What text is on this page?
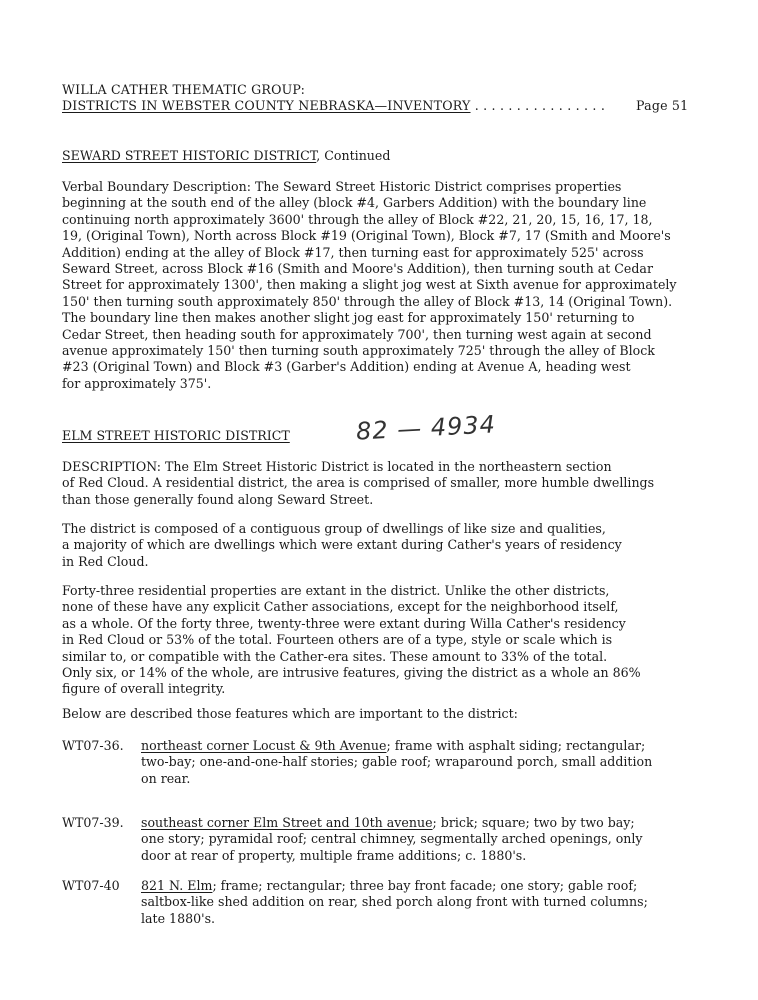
WILLA CATHER THEMATIC GROUP:
DISTRICTS IN WEBSTER COUNTY NEBRASKA—INVENTORY . . . . . . . . . . . . . . . . Page 51
SEWARD STREET HISTORIC DISTRICT, Continued

Verbal Boundary Description: The Seward Street Historic District comprises properties
beginning at the south end of the alley (block #4, Garbers Addition) with the boundary line
continuing north approximately 3600' through the alley of Block #22, 21, 20, 15, 16, 17, 18,
19, (Original Town), North across Block #19 (Original Town), Block #7, 17 (Smith and Moore's
Addition) ending at the alley of Block #17, then turning east for approximately 525' across
Seward Street, across Block #16 (Smith and Moore's Addition), then turning south at Cedar
Street for approximately 1300', then making a slight jog west at Sixth avenue for approximately
150' then turning south approximately 850' through the alley of Block #13, 14 (Original Town).
The boundary line then makes another slight jog east for approximately 150' returning to
Cedar Street, then heading south for approximately 700', then turning west again at second
avenue approximately 150' then turning south approximately 725' through the alley of Block
#23 (Original Town) and Block #3 (Garber's Addition) ending at Avenue A, heading west
for approximately 375'.

ELM STREET HISTORIC DISTRICT	82 — 4934

DESCRIPTION: The Elm Street Historic District is located in the northeastern section
of Red Cloud. A residential district, the area is comprised of smaller, more humble dwellings
than those generally found along Seward Street.

The district is composed of a contiguous group of dwellings of like size and qualities,
a majority of which are dwellings which were extant during Cather's years of residency
in Red Cloud.

Forty-three residential properties are extant in the district. Unlike the other districts,
none of these have any explicit Cather associations, except for the neighborhood itself,
as a whole. Of the forty three, twenty-three were extant during Willa Cather's residency
in Red Cloud or 53% of the total. Fourteen others are of a type, style or scale which is
similar to, or compatible with the Cather-era sites. These amount to 33% of the total.
Only six, or 14% of the whole, are intrusive features, giving the district as a whole an 86%
figure of overall integrity.

Below are described those features which are important to the district:

WT07-36. northeast corner Locust & 9th Avenue; frame with asphalt siding; rectangular;
two-bay; one-and-one-half stories; gable roof; wraparound porch, small addition
on rear.

WT07-39. southeast corner Elm Street and 10th avenue; brick; square; two by two bay;
one story; pyramidal roof; central chimney, segmentally arched openings, only
door at rear of property, multiple frame additions; c. 1880's.

WT07-40 821 N. Elm; frame; rectangular; three bay front facade; one story; gable roof;
saltbox-like shed addition on rear, shed porch along front with turned columns;
late 1880's.
